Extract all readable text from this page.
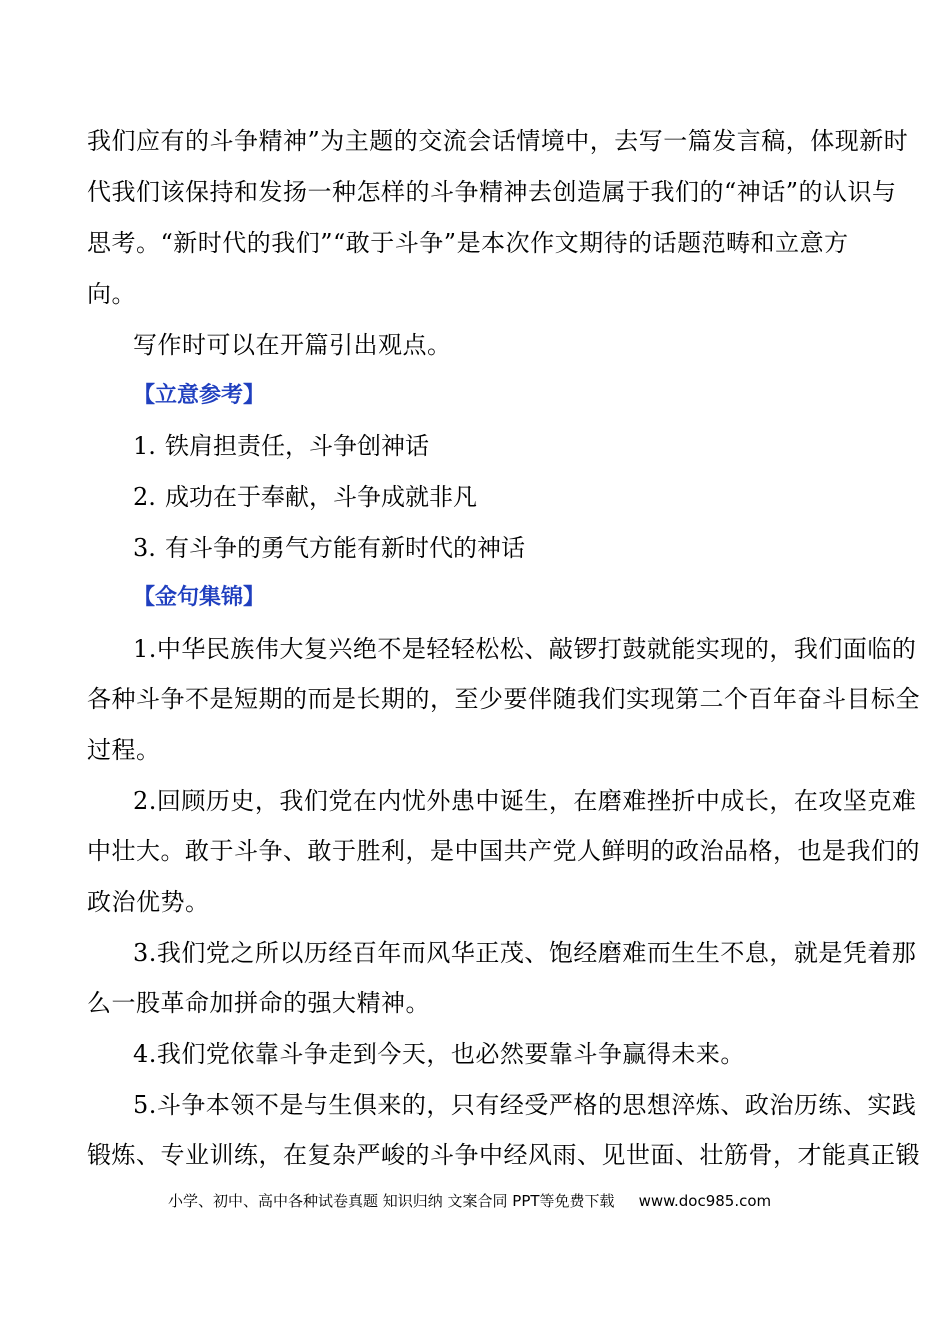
我们应有的斗争精神”为主题的交流会话情境中，去写一篇发言稿，体现新时
代我们该保持和发扬一种怎样的斗争精神去创造属于我们的“神话”的认识与
思考。“新时代的我们”“敢于斗争”是本次作文期待的话题范畴和立意方
向。
写作时可以在开篇引出观点。
【立意参考】
1. 铁肩担责任，斗争创神话
2. 成功在于奉献，斗争成就非凡
3. 有斗争的勇气方能有新时代的神话
【金句集锦】
1.中华民族伟大复兴绝不是轻轻松松、敲锣打鼓就能实现的，我们面临的
各种斗争不是短期的而是长期的，至少要伴随我们实现第二个百年奋斗目标全
过程。
2.回顾历史，我们党在内忧外患中诞生，在磨难挫折中成长，在攻坚克难
中壮大。敢于斗争、敢于胜利，是中国共产党人鲜明的政治品格，也是我们的
政治优势。
3.我们党之所以历经百年而风华正茂、饱经磨难而生生不息，就是凭着那
么一股革命加拼命的强大精神。
4.我们党依靠斗争走到今天，也必然要靠斗争赢得未来。
5.斗争本领不是与生俱来的，只有经受严格的思想淬炼、政治历练、实践
锻炼、专业训练，在复杂严峻的斗争中经风雨、见世面、壮筋骨，才能真正锻
小学、初中、高中各种试卷真题 知识归纳 文案合同 PPT等免费下载 www.doc985.com
